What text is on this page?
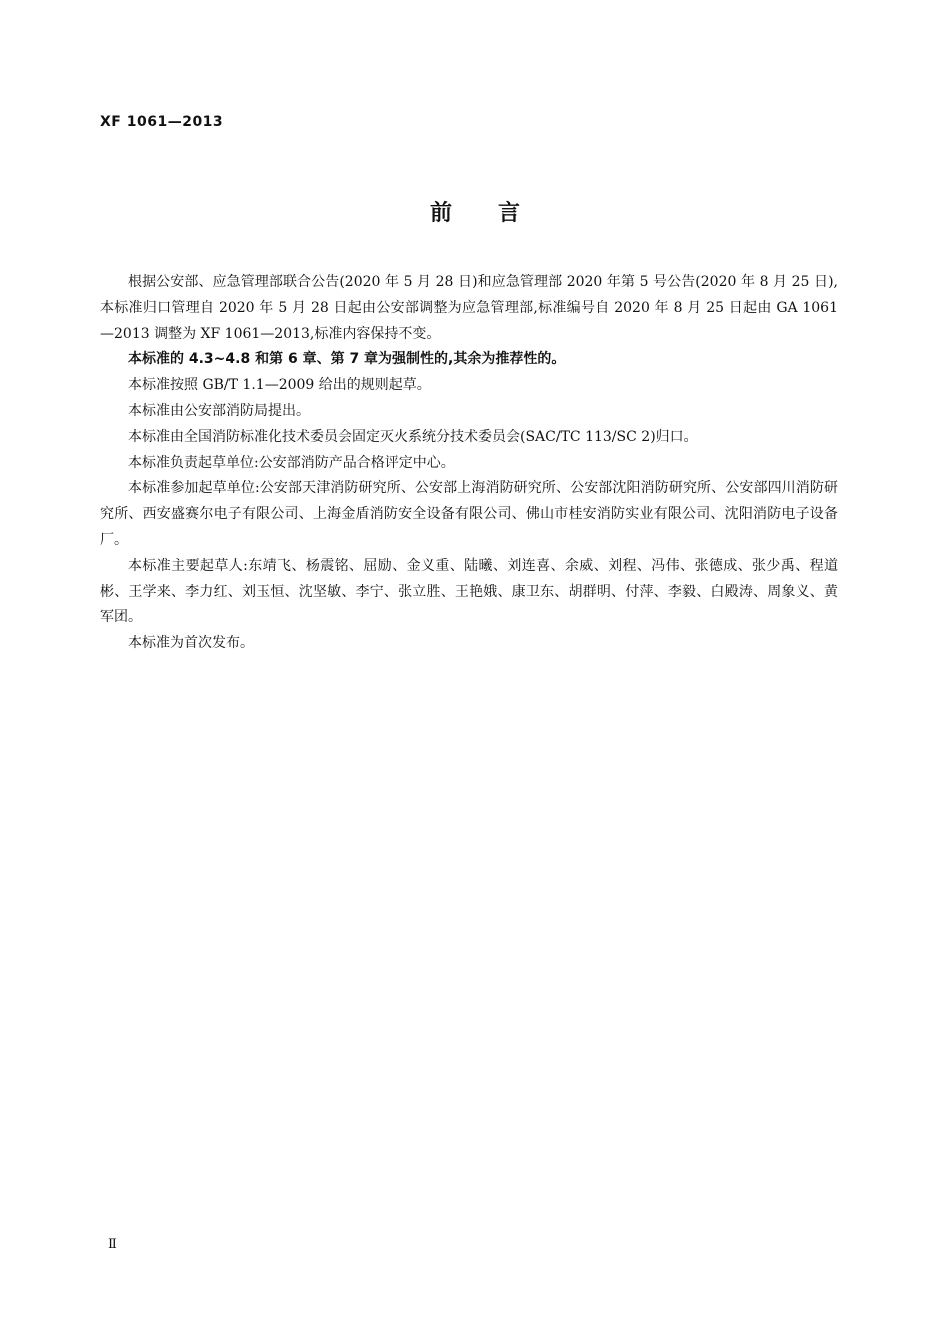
XF 1061—2013
前言

根据公安部、应急管理部联合公告(2020 年 5 月 28 日)和应急管理部 2020 年第 5 号公告(2020 年 8 月 25 日),本标准归口管理自 2020 年 5 月 28 日起由公安部调整为应急管理部,标准编号自 2020 年 8 月 25 日起由 GA 1061—2013 调整为 XF 1061—2013,标准内容保持不变。

本标准的 4.3~4.8 和第 6 章、第 7 章为强制性的,其余为推荐性的。

本标准按照 GB/T 1.1—2009 给出的规则起草。

本标准由公安部消防局提出。

本标准由全国消防标准化技术委员会固定灭火系统分技术委员会(SAC/TC 113/SC 2)归口。

本标准负责起草单位:公安部消防产品合格评定中心。

本标准参加起草单位:公安部天津消防研究所、公安部上海消防研究所、公安部沈阳消防研究所、公安部四川消防研究所、西安盛赛尔电子有限公司、上海金盾消防安全设备有限公司、佛山市桂安消防实业有限公司、沈阳消防电子设备厂。

本标准主要起草人:东靖飞、杨震铭、屈励、金义重、陆曦、刘连喜、余威、刘程、冯伟、张德成、张少禹、程道彬、王学来、李力红、刘玉恒、沈坚敏、李宁、张立胜、王艳娥、康卫东、胡群明、付萍、李毅、白殿涛、周象义、黄军团。

本标准为首次发布。

Ⅱ
